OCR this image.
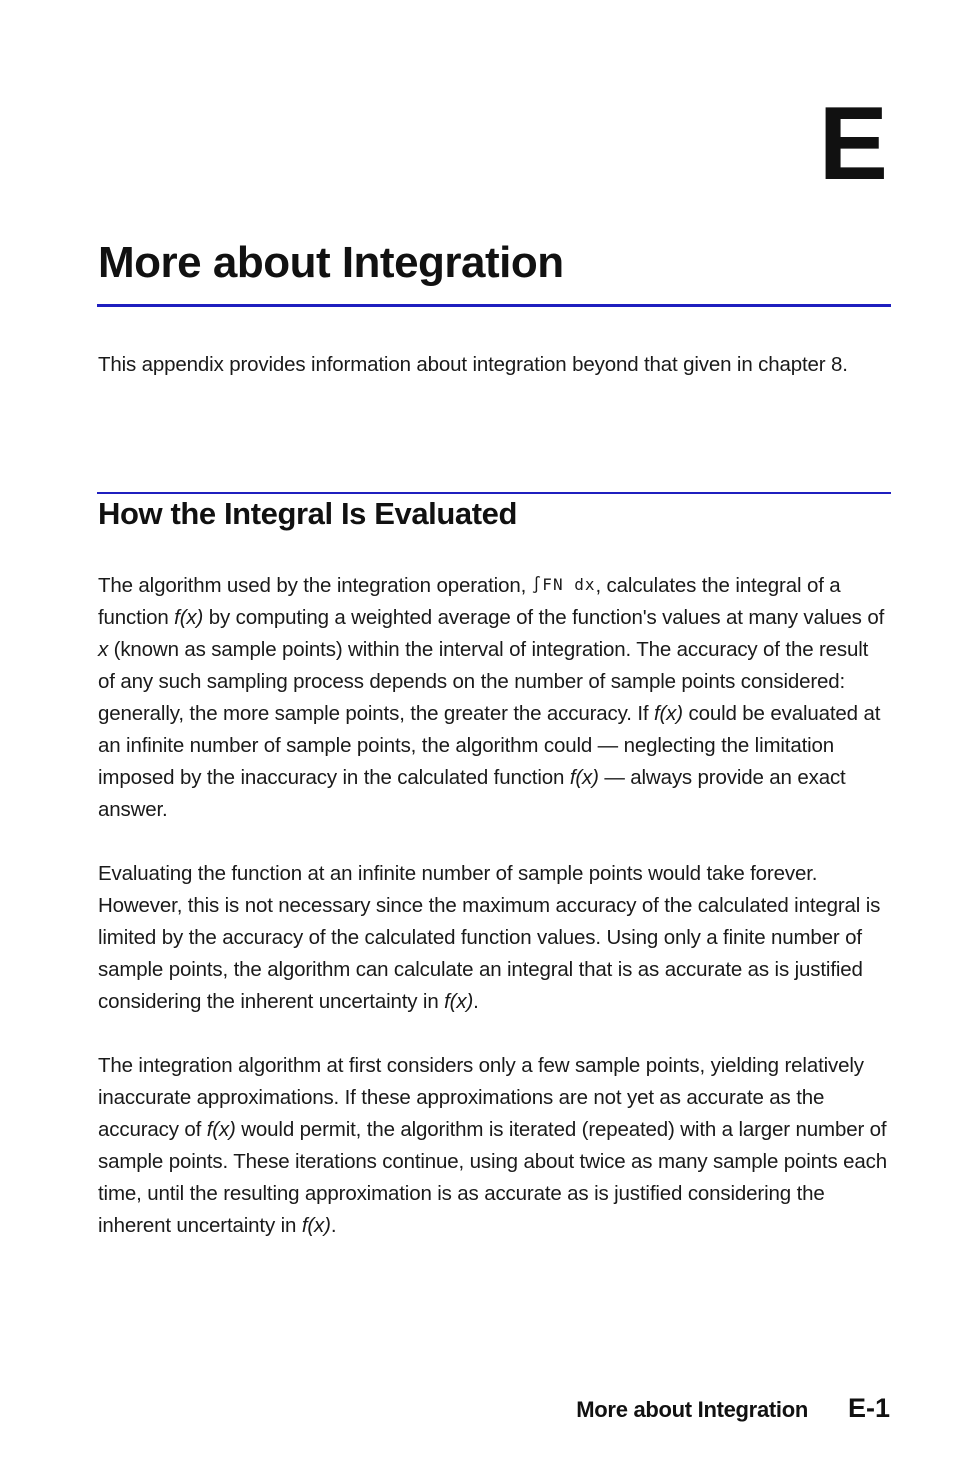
E
More about Integration

This appendix provides information about integration beyond that given in chapter 8.

How the Integral Is Evaluated

The algorithm used by the integration operation, ∫FN dx, calculates the integral of a function f(x) by computing a weighted average of the function's values at many values of x (known as sample points) within the interval of integration. The accuracy of the result of any such sampling process depends on the number of sample points considered: generally, the more sample points, the greater the accuracy. If f(x) could be evaluated at an infinite number of sample points, the algorithm could — neglecting the limitation imposed by the inaccuracy in the calculated function f(x) — always provide an exact answer.

Evaluating the function at an infinite number of sample points would take forever. However, this is not necessary since the maximum accuracy of the calculated integral is limited by the accuracy of the calculated function values. Using only a finite number of sample points, the algorithm can calculate an integral that is as accurate as is justified considering the inherent uncertainty in f(x).

The integration algorithm at first considers only a few sample points, yielding relatively inaccurate approximations. If these approximations are not yet as accurate as the accuracy of f(x) would permit, the algorithm is iterated (repeated) with a larger number of sample points. These iterations continue, using about twice as many sample points each time, until the resulting approximation is as accurate as is justified considering the inherent uncertainty in f(x).

More about Integration E-1
